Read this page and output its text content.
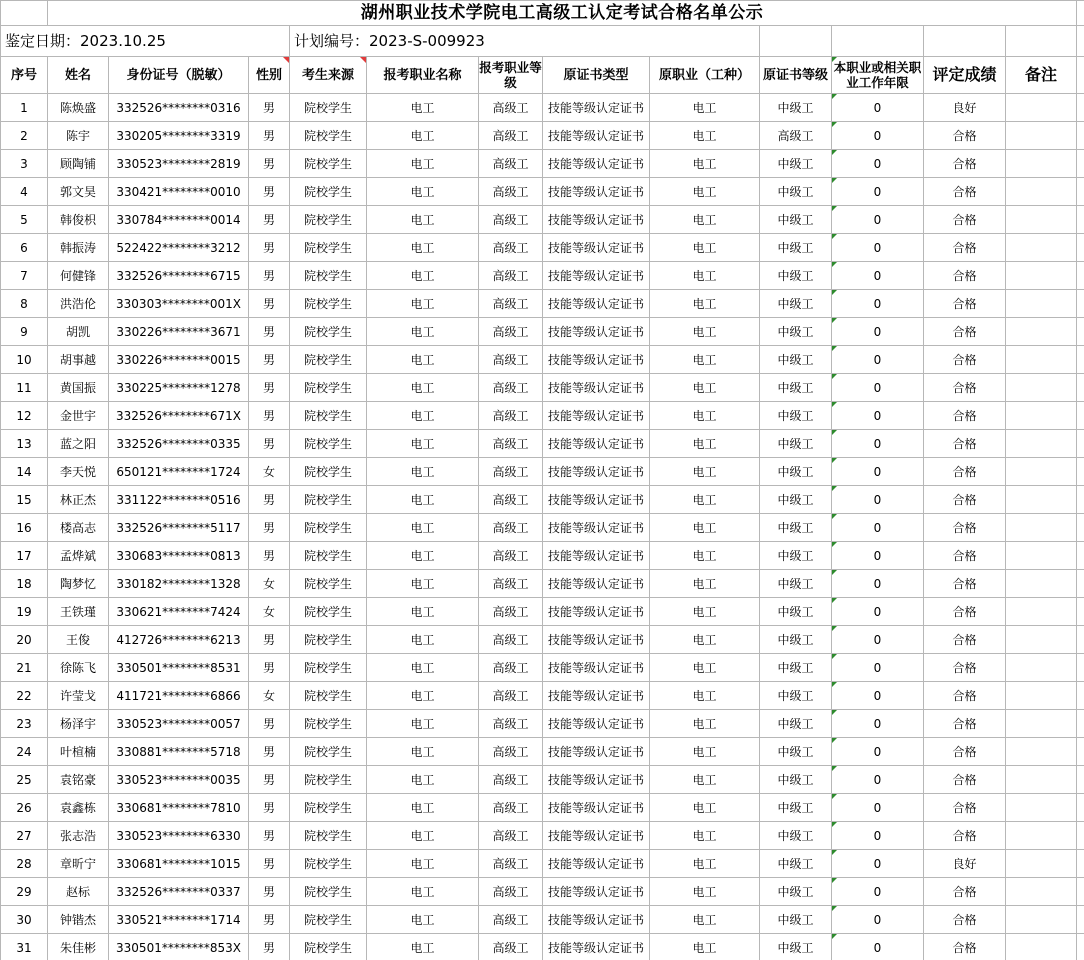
	湖州职业技术学院电工高级工认定考试合格名单公示												
鉴定日期：2023.10.25				计划编号：2023-S-009923									
序号	姓名	身份证号（脱敏）	性别	考生来源	报考职业名称	报考职业等级	原证书类型	原职业（工种）	原证书等级	本职业或相关职业工作年限	评定成绩	备注	
1	陈焕盛	332526********0316	男	院校学生	电工	高级工	技能等级认定证书	电工	中级工	0	良好		
2	陈宇	330205********3319	男	院校学生	电工	高级工	技能等级认定证书	电工	高级工	0	合格		
3	顾陶铺	330523********2819	男	院校学生	电工	高级工	技能等级认定证书	电工	中级工	0	合格		
4	郭文昊	330421********0010	男	院校学生	电工	高级工	技能等级认定证书	电工	中级工	0	合格		
5	韩俊枳	330784********0014	男	院校学生	电工	高级工	技能等级认定证书	电工	中级工	0	合格		
6	韩振涛	522422********3212	男	院校学生	电工	高级工	技能等级认定证书	电工	中级工	0	合格		
7	何健锋	332526********6715	男	院校学生	电工	高级工	技能等级认定证书	电工	中级工	0	合格		
8	洪浩伦	330303********001X	男	院校学生	电工	高级工	技能等级认定证书	电工	中级工	0	合格		
9	胡凯	330226********3671	男	院校学生	电工	高级工	技能等级认定证书	电工	中级工	0	合格		
10	胡事越	330226********0015	男	院校学生	电工	高级工	技能等级认定证书	电工	中级工	0	合格		
11	黄国振	330225********1278	男	院校学生	电工	高级工	技能等级认定证书	电工	中级工	0	合格		
12	金世宇	332526********671X	男	院校学生	电工	高级工	技能等级认定证书	电工	中级工	0	合格		
13	蓝之阳	332526********0335	男	院校学生	电工	高级工	技能等级认定证书	电工	中级工	0	合格		
14	李天悦	650121********1724	女	院校学生	电工	高级工	技能等级认定证书	电工	中级工	0	合格		
15	林正杰	331122********0516	男	院校学生	电工	高级工	技能等级认定证书	电工	中级工	0	合格		
16	楼高志	332526********5117	男	院校学生	电工	高级工	技能等级认定证书	电工	中级工	0	合格		
17	孟烨斌	330683********0813	男	院校学生	电工	高级工	技能等级认定证书	电工	中级工	0	合格		
18	陶梦忆	330182********1328	女	院校学生	电工	高级工	技能等级认定证书	电工	中级工	0	合格		
19	王铁瑾	330621********7424	女	院校学生	电工	高级工	技能等级认定证书	电工	中级工	0	合格		
20	王俊	412726********6213	男	院校学生	电工	高级工	技能等级认定证书	电工	中级工	0	合格		
21	徐陈飞	330501********8531	男	院校学生	电工	高级工	技能等级认定证书	电工	中级工	0	合格		
22	许莹戈	411721********6866	女	院校学生	电工	高级工	技能等级认定证书	电工	中级工	0	合格		
23	杨泽宇	330523********0057	男	院校学生	电工	高级工	技能等级认定证书	电工	中级工	0	合格		
24	叶楦楠	330881********5718	男	院校学生	电工	高级工	技能等级认定证书	电工	中级工	0	合格		
25	袁铭豪	330523********0035	男	院校学生	电工	高级工	技能等级认定证书	电工	中级工	0	合格		
26	袁鑫栋	330681********7810	男	院校学生	电工	高级工	技能等级认定证书	电工	中级工	0	合格		
27	张志浩	330523********6330	男	院校学生	电工	高级工	技能等级认定证书	电工	中级工	0	合格		
28	章昕宁	330681********1015	男	院校学生	电工	高级工	技能等级认定证书	电工	中级工	0	良好		
29	赵标	332526********0337	男	院校学生	电工	高级工	技能等级认定证书	电工	中级工	0	合格		
30	钟锴杰	330521********1714	男	院校学生	电工	高级工	技能等级认定证书	电工	中级工	0	合格		
31	朱佳彬	330501********853X	男	院校学生	电工	高级工	技能等级认定证书	电工	中级工	0	合格		
